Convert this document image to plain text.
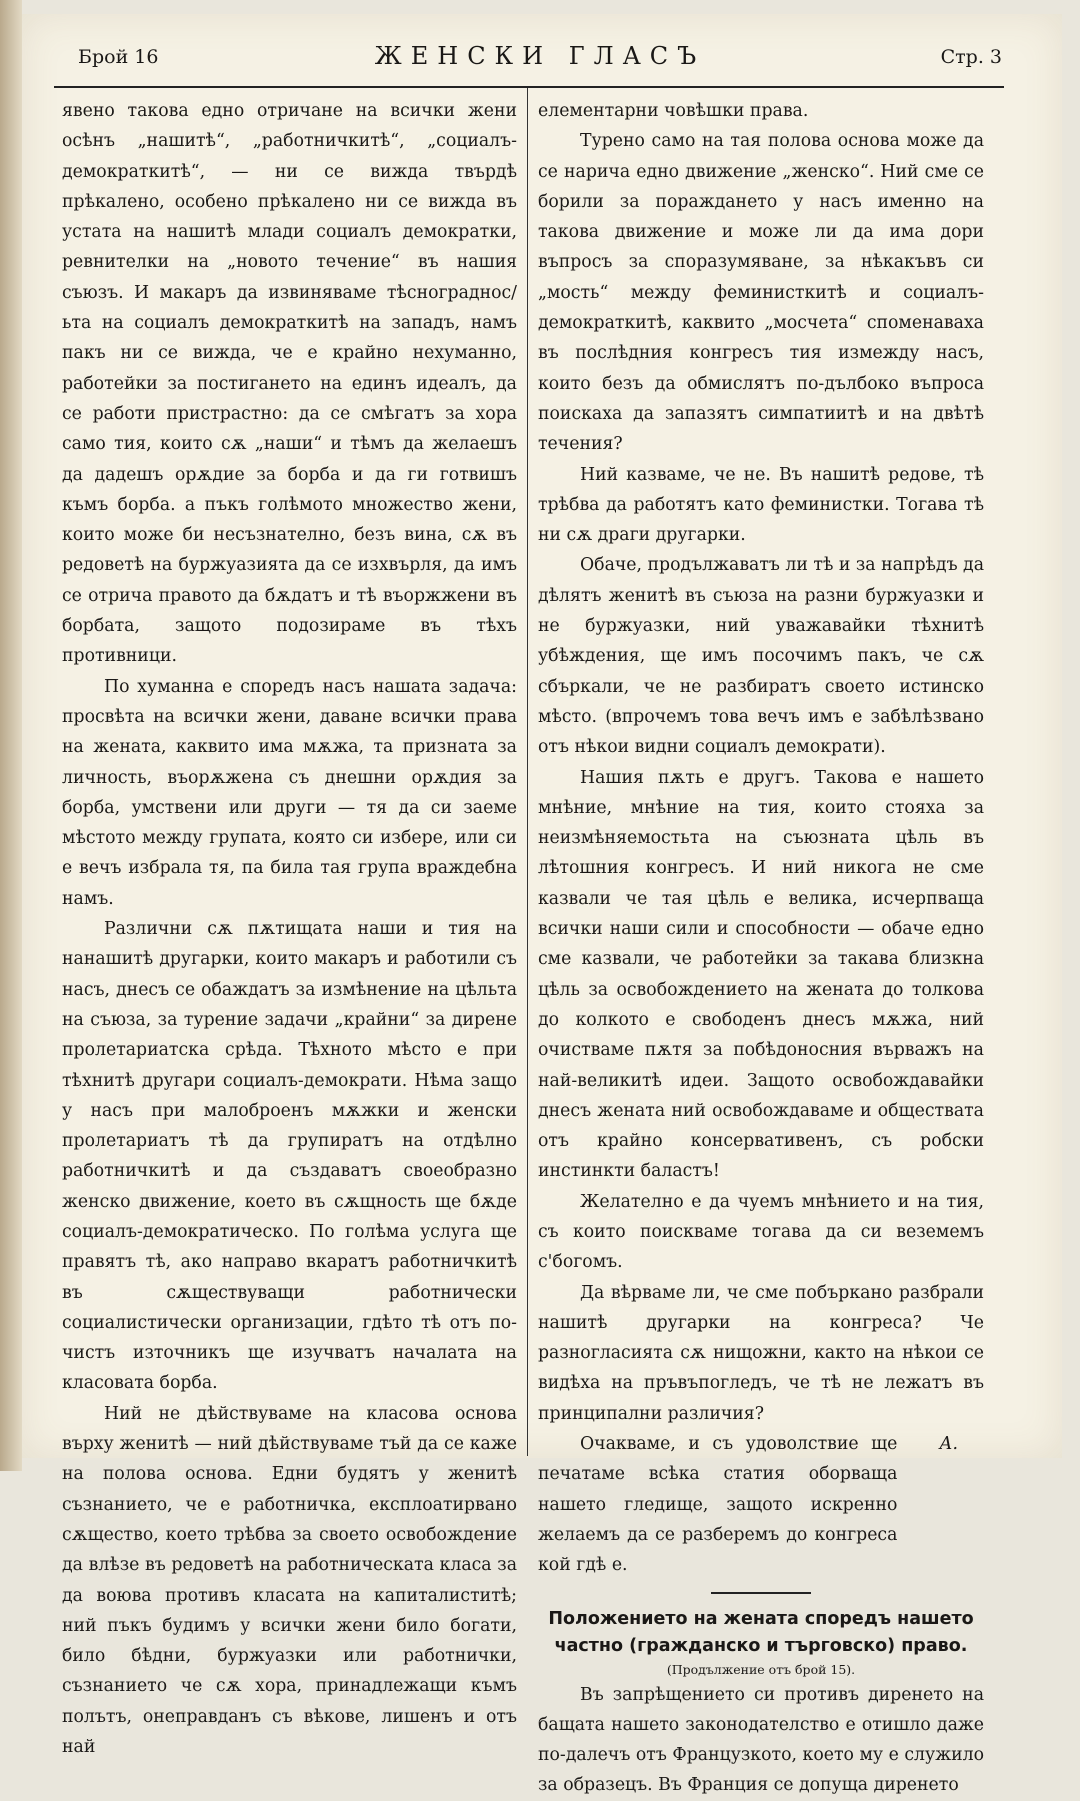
Брой 16	ЖЕНСКИ ГЛАСЪ	Стр. 3

явено такова едно отричане на всички жени осѣнъ „нашитѣ“, „работничкитѣ“, „социалъ-демократкитѣ“, — ни се вижда твърдѣ прѣкалено, особено прѣкалено ни се вижда въ устата на нашитѣ млади социалъ демократки, ревнителки на „новото течение“ въ нашия съюзъ. И макаръ да извиняваме тѣснограднос/ьта на социалъ демократкитѣ на западъ, намъ пакъ ни се вижда, че е крайно нехуманно, работейки за постигането на единъ идеалъ, да се работи пристрастно: да се смѣгатъ за хора само тия, които сѫ „наши“ и тѣмъ да желаешъ да дадешъ орѫдие за борба и да ги готвишъ къмъ борба. а пъкъ голѣмото множество жени, които може би несъзнателно, безъ вина, сѫ въ редоветѣ на буржуазията да се изхвърля, да имъ се отрича правото да бѫдатъ и тѣ въоржжени въ борбата, защото подозираме въ тѣхъ противници.

По хуманна е споредъ насъ нашата задача: просвѣта на всички жени, даване всички права на жената, каквито има мѫжа, та призната за личность, въорѫжена съ днешни орѫдия за борба, умствени или други — тя да си заеме мѣстото между групата, която си избере, или си е вечъ избрала тя, па била тая група враждебна намъ.

Различни сѫ пѫтищата наши и тия на нанашитѣ другарки, които макаръ и работили съ насъ, днесъ се обаждатъ за измѣнение на цѣльта на съюза, за турение задачи „крайни“ за дирене пролетариатска срѣда. Тѣхното мѣсто е при тѣхнитѣ другари социалъ-демократи. Нѣма защо у насъ при малоброенъ мѫжки и женски пролетариатъ тѣ да групиратъ на отдѣлно работничкитѣ и да създаватъ своеобразно женско движение, което въ сѫщность ще бѫде социалъ-демократическо. По голѣма услуга ще правятъ тѣ, ако направо вкаратъ работничкитѣ въ сѫществуващи работнически социалистически организации, гдѣто тѣ отъ по-чистъ източникъ ще изучватъ началата на класовата борба.

Ний не дѣйствуваме на класова основа върху женитѣ — ний дѣйствуваме тъй да се каже на полова основа. Едни будятъ у женитѣ съзнанието, че е работничка, експлоатирвано сѫщество, което трѣбва за своето освобождение да влѣзе въ редоветѣ на работническата класа за да воюва противъ класата на капиталиститѣ; ний пъкъ будимъ у всички жени било богати, било бѣдни, буржуазки или работнички, съзнанието че сѫ хора, принадлежащи къмъ полътъ, онеправданъ съ вѣкове, лишенъ и отъ най

елементарни човѣшки права.

Турено само на тая полова основа може да се нарича едно движение „женско“. Ний сме се борили за пораждането у насъ именно на такова движение и може ли да има дори въпросъ за споразумяване, за нѣкакъвъ си „мость“ между феминисткитѣ и социалъ-демократкитѣ, каквито „мосчета“ споменаваха въ послѣдния конгресъ тия измежду насъ, които безъ да обмислятъ по-дълбоко въпроса поискаха да запазятъ симпатиитѣ и на двѣтѣ течения?

Ний казваме, че не. Въ нашитѣ редове, тѣ трѣбва да работятъ като феминистки. Тогава тѣ ни сѫ драги другарки.

Обаче, продължаватъ ли тѣ и за напрѣдъ да дѣлятъ женитѣ въ съюза на разни буржуазки и не буржуазки, ний уважавайки тѣхнитѣ убѣждения, ще имъ посочимъ пакъ, че сѫ сбъркали, че не разбиратъ своето истинско мѣсто. (впрочемъ това вечъ имъ е забѣлѣзвано отъ нѣкои видни социалъ демократи).

Нашия пѫть е другъ. Такова е нашето мнѣние, мнѣние на тия, които стояха за неизмѣняемостьта на съюзната цѣль въ лѣтошния конгресъ. И ний никога не сме казвали че тая цѣль е велика, исчерпваща всички наши сили и способности — обаче едно сме казвали, че работейки за такава близкна цѣль за освобождението на жената до толкова до колкото е свободенъ днесъ мѫжа, ний очистваме пѫтя за побѣдоносния върважъ на най-великитѣ идеи. Защото освобождавайки днесъ жената ний освобождаваме и обществата отъ крайно консервативенъ, съ робски инстинкти баластъ!

Желателно е да чуемъ мнѣнието и на тия, съ които поискваме тогава да си веземемъ с'богомъ.

Да вѣрваме ли, че сме побъркано разбрали нашитѣ другарки на конгреса? Че разногласията сѫ нищожни, както на нѣкои се видѣха на пръвъпогледъ, че тѣ не лежатъ въ принципални различия?

Очакваме, и съ удоволствие ще печатаме всѣка статия оборваща нашето гледище, защото искренно желаемъ да се разберемъ до конгреса кой гдѣ е.
А.

Положението на жената споредъ нашето частно (гражданско и търговско) право.

(Продължение отъ брой 15).

Въ запрѣщението си противъ диренето на бащата нашето законодателство е отишло даже по-далечъ отъ Французкото, което му е служило за образецъ. Въ Франция се допуща диренето
